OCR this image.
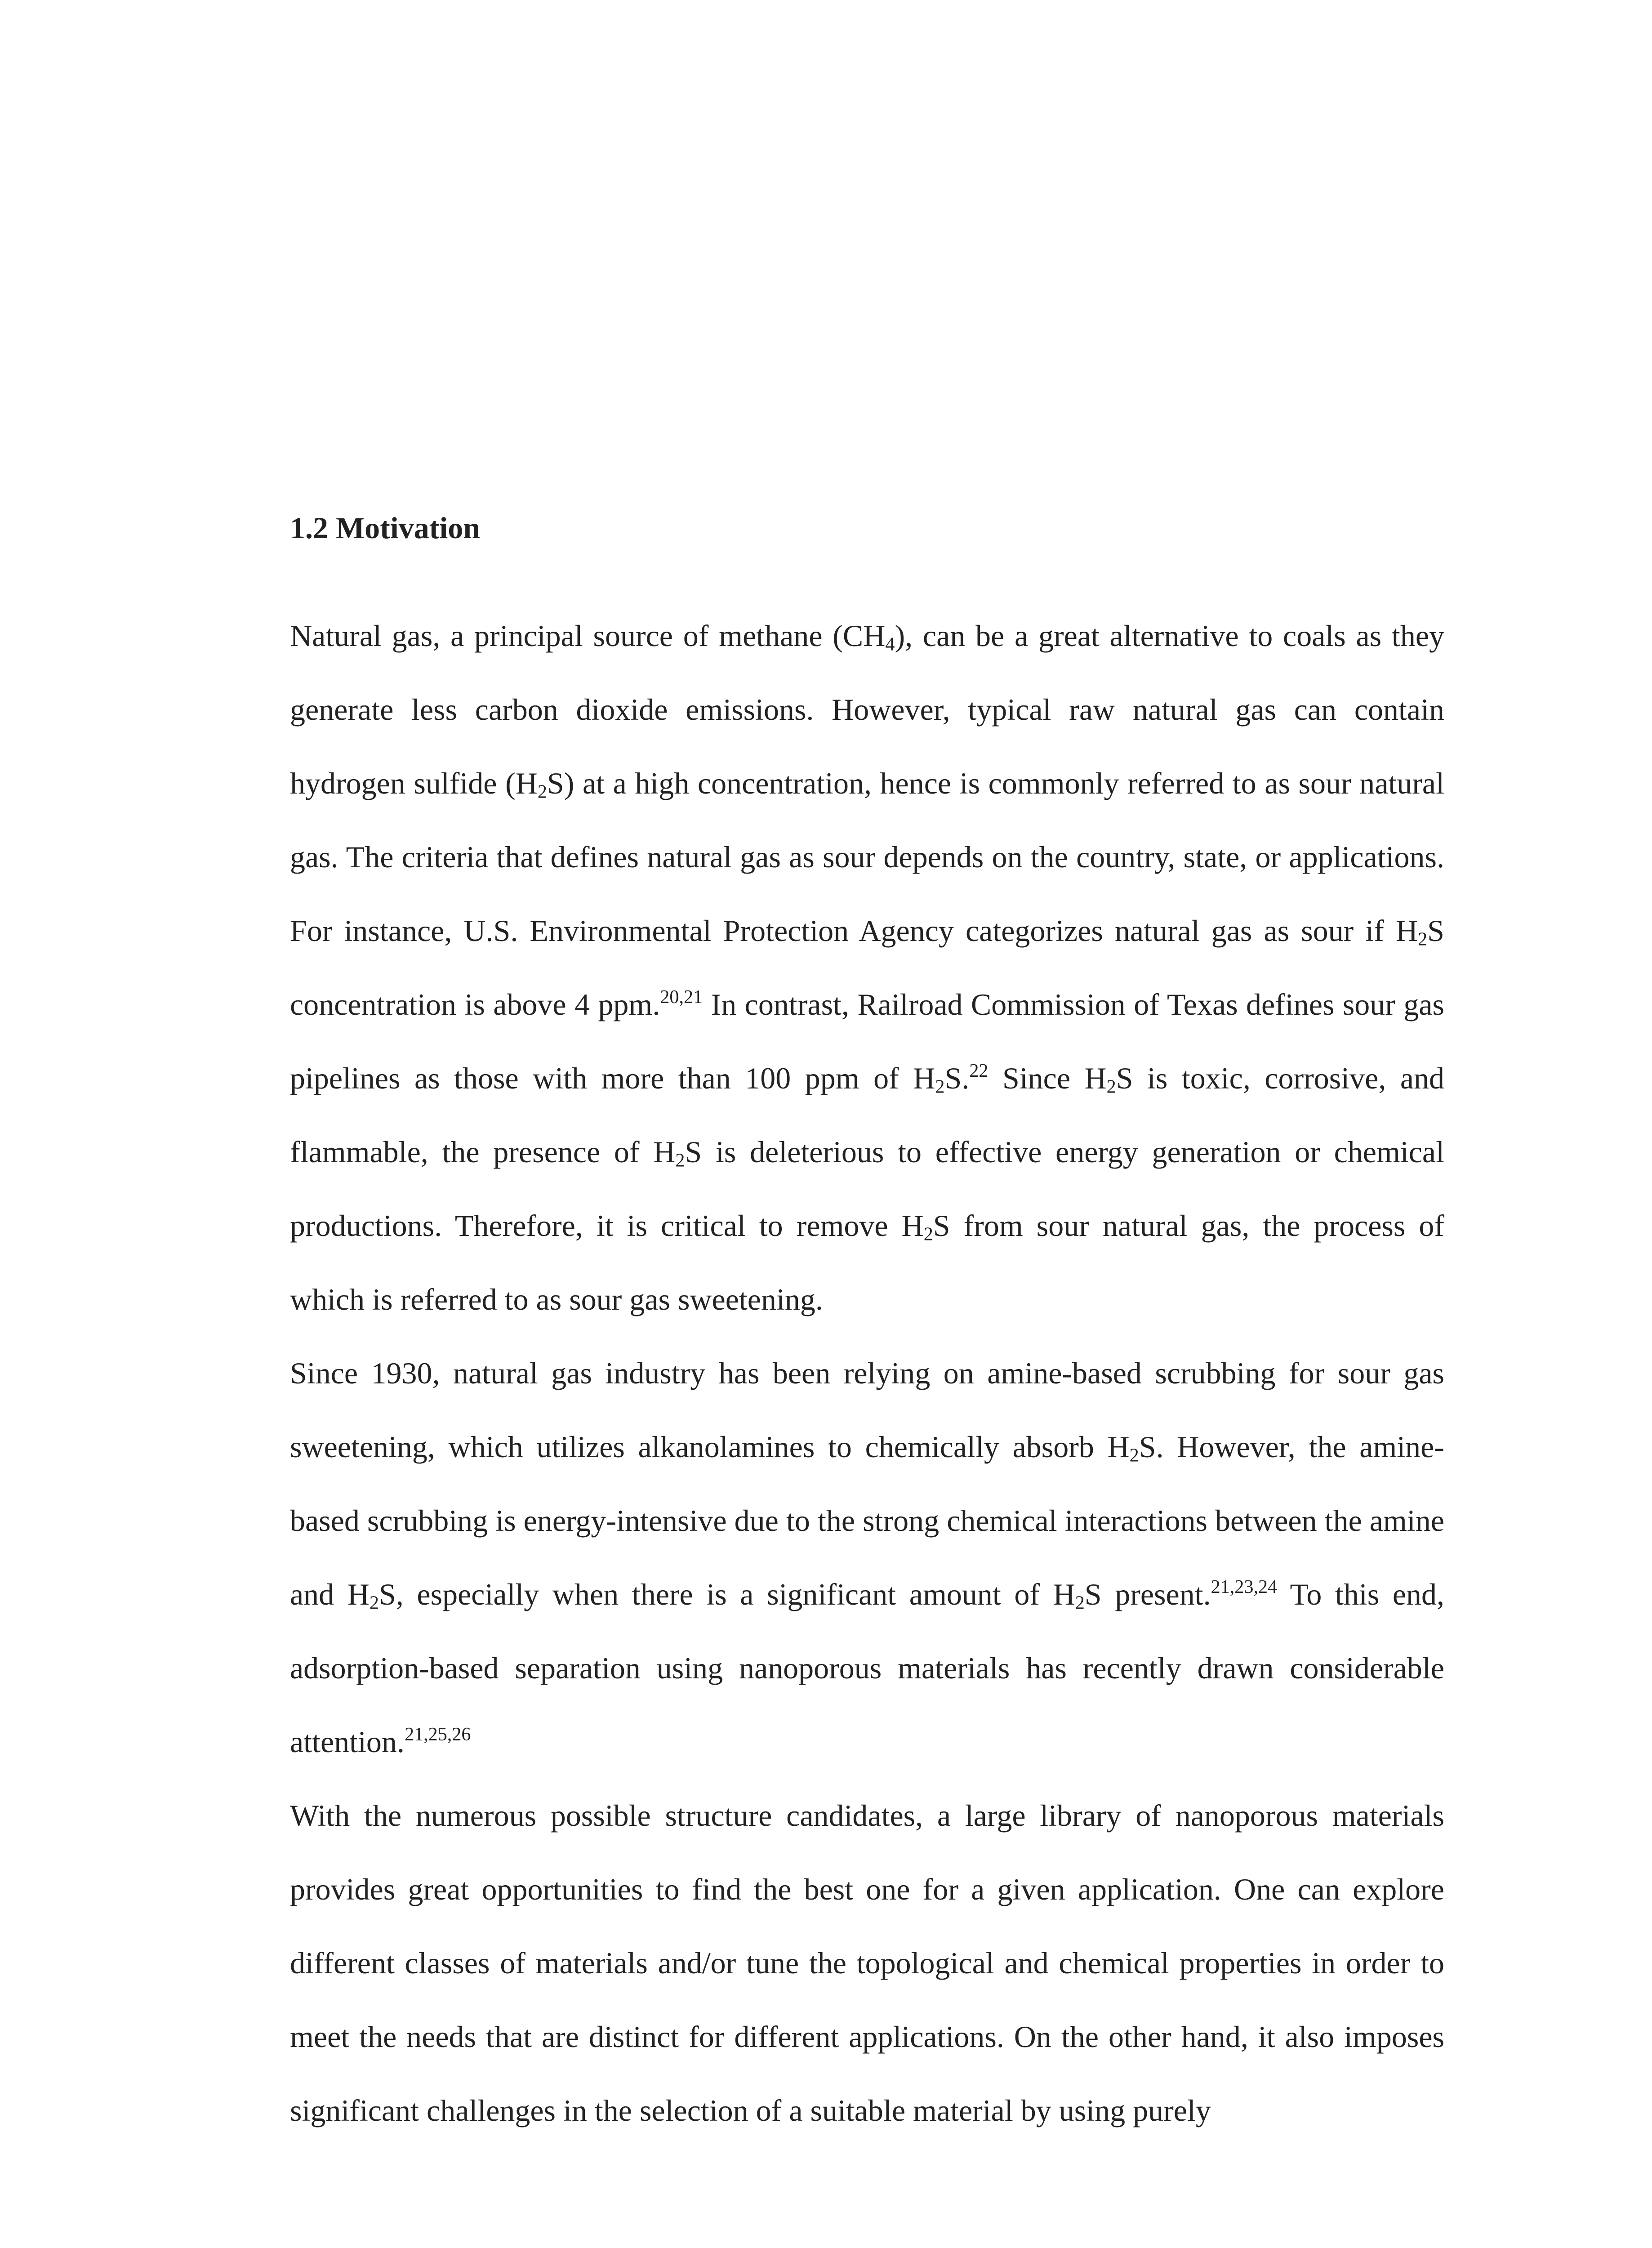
1.2 Motivation

Natural gas, a principal source of methane $(CH_4)$, can be a great alternative to coals as they generate less carbon dioxide emissions. However, typical raw natural gas can contain hydrogen sulfide $(H_2S)$ at a high concentration, hence is commonly referred to as sour natural gas. The criteria that defines natural gas as sour depends on the country, state, or applications. For instance, U.S. Environmental Protection Agency categorizes natural gas as sour if $H_2S$ concentration is above 4 ppm.$^{20,21}$ In contrast, Railroad Commission of Texas defines sour gas pipelines as those with more than 100 ppm of $H_2S.^{22}$ Since $H_2S$ is toxic, corrosive, and flammable, the presence of $H_2S$ is deleterious to effective energy generation or chemical productions. Therefore, it is critical to remove $H_2S$ from sour natural gas, the process of which is referred to as sour gas sweetening.

Since 1930, natural gas industry has been relying on amine-based scrubbing for sour gas sweetening, which utilizes alkanolamines to chemically absorb $H_2S$. However, the amine-based scrubbing is energy-intensive due to the strong chemical interactions between the amine and $H_2S$, especially when there is a significant amount of $H_2S$ present.$^{21,23,24}$ To this end, adsorption-based separation using nanoporous materials has recently drawn considerable attention.$^{21,25,26}$

With the numerous possible structure candidates, a large library of nanoporous materials provides great opportunities to find the best one for a given application. One can explore different classes of materials and/or tune the topological and chemical properties in order to meet the needs that are distinct for different applications. On the other hand, it also imposes significant challenges in the selection of a suitable material by using purely
